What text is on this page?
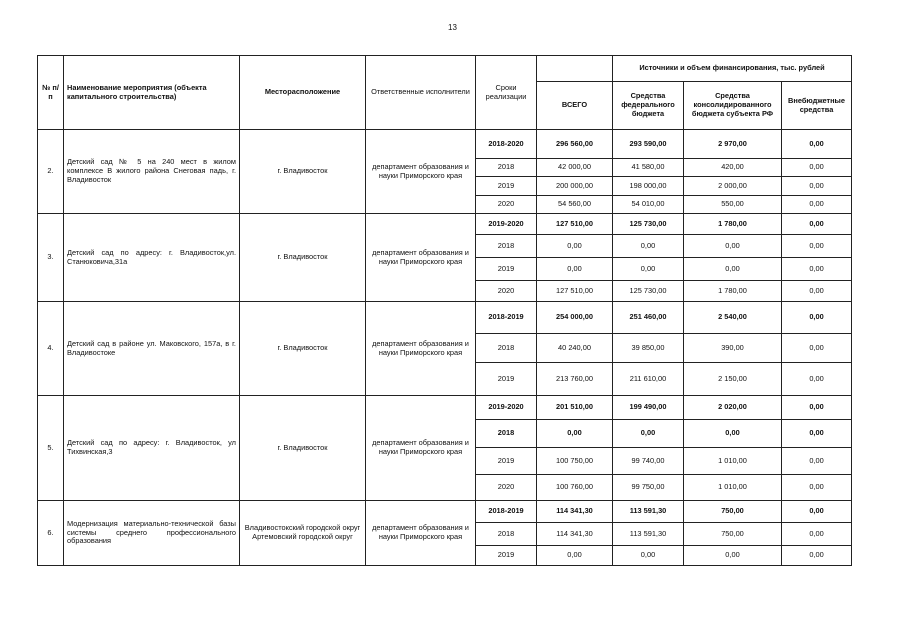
13
№ п/п	Наименование мероприятия (объекта капитального строительства)	Месторасположение	Ответственные исполнители	Сроки реализации		Источники и объем финансирования, тыс. рублей		
					ВСЕГО	Средства федерального бюджета	Средства консолидированного бюджета субъекта РФ	Внебюджетные средства
2.	Детский сад № 5 на 240 мест в жилом комплексе В жилого района Снеговая падь, г. Владивосток	г. Владивосток	департамент образования и науки Приморского края	2018-2020	296 560,00	293 590,00	2 970,00	0,00
				2018	42 000,00	41 580,00	420,00	0,00
				2019	200 000,00	198 000,00	2 000,00	0,00
				2020	54 560,00	54 010,00	550,00	0,00
3.	Детский сад по адресу: г. Владивосток,ул. Станюковича,31а	г. Владивосток	департамент образования и науки Приморского края	2019-2020	127 510,00	125 730,00	1 780,00	0,00
				2018	0,00	0,00	0,00	0,00
				2019	0,00	0,00	0,00	0,00
				2020	127 510,00	125 730,00	1 780,00	0,00
4.	Детский сад в районе ул. Маковского, 157а, в г. Владивостоке	г. Владивосток	департамент образования и науки Приморского края	2018-2019	254 000,00	251 460,00	2 540,00	0,00
				2018	40 240,00	39 850,00	390,00	0,00
				2019	213 760,00	211 610,00	2 150,00	0,00
5.	Детский сад по адресу: г. Владивосток, ул Тихвинская,3	г. Владивосток	департамент образования и науки Приморского края	2019-2020	201 510,00	199 490,00	2 020,00	0,00
				2018	0,00	0,00	0,00	0,00
				2019	100 750,00	99 740,00	1 010,00	0,00
				2020	100 760,00	99 750,00	1 010,00	0,00
6.	Модернизация материально-технической базы системы среднего профессионального образования	Владивостокский городской округ Артемовский городской округ	департамент образования и науки Приморского края	2018-2019	114 341,30	113 591,30	750,00	0,00
				2018	114 341,30	113 591,30	750,00	0,00
				2019	0,00	0,00	0,00	0,00
